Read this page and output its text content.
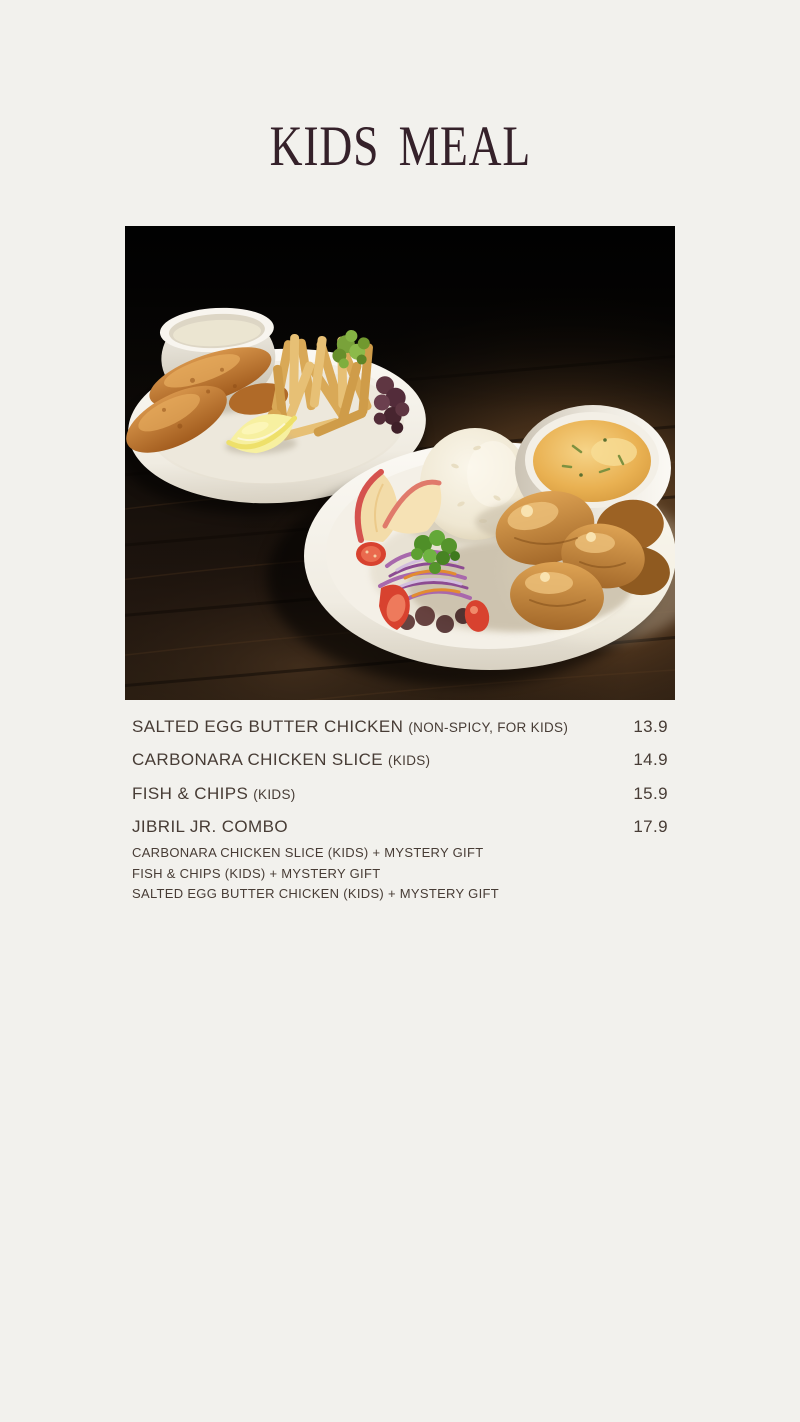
KIDS MEAL
SALTED EGG BUTTER CHICKEN (NON-SPICY, FOR KIDS)	13.9
CARBONARA CHICKEN SLICE (KIDS)	14.9
FISH & CHIPS (KIDS)	15.9
JIBRIL JR. COMBO	17.9
CARBONARA CHICKEN SLICE (KIDS) + MYSTERY GIFT
FISH & CHIPS (KIDS) + MYSTERY GIFT
SALTED EGG BUTTER CHICKEN (KIDS) + MYSTERY GIFT
